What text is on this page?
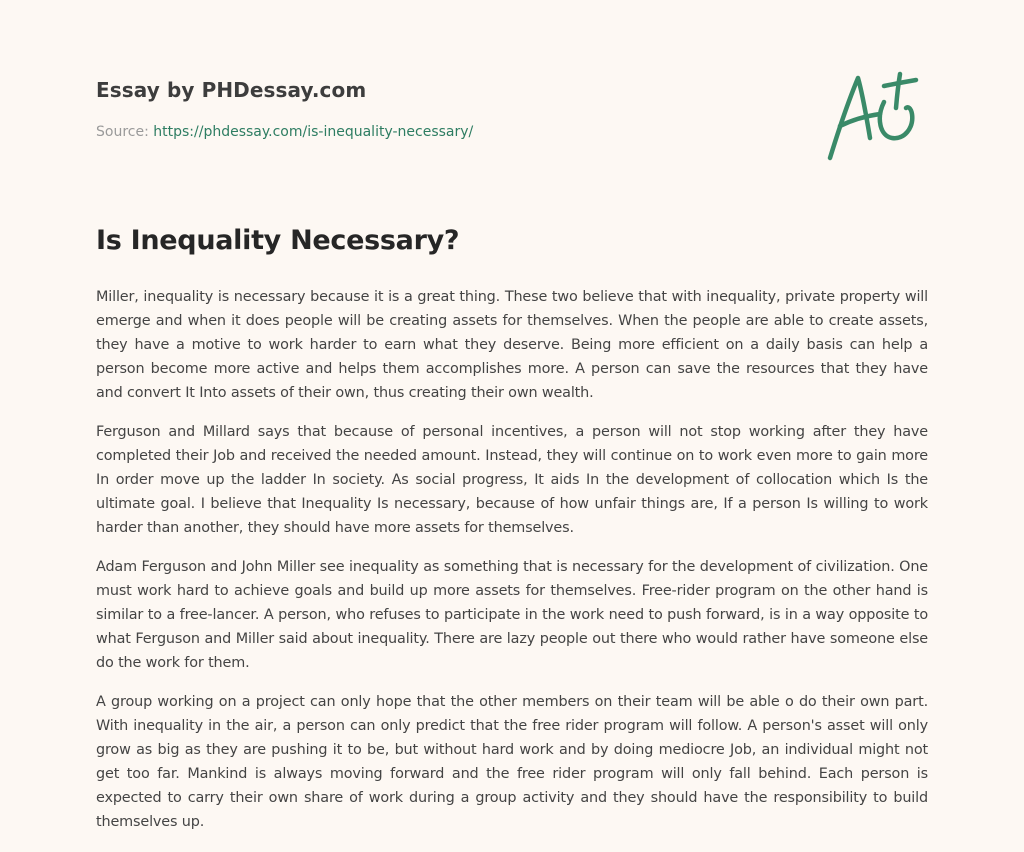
Essay by PHDessay.com
Source: https://phdessay.com/is-inequality-necessary/
Is Inequality Necessary?

Miller, inequality is necessary because it is a great thing. These two believe that with inequality, private property will emerge and when it does people will be creating assets for themselves. When the people are able to create assets, they have a motive to work harder to earn what they deserve. Being more efficient on a daily basis can help a person become more active and helps them accomplishes more. A person can save the resources that they have and convert It Into assets of their own, thus creating their own wealth.

Ferguson and Millard says that because of personal incentives, a person will not stop working after they have completed their Job and received the needed amount. Instead, they will continue on to work even more to gain more In order move up the ladder In society. As social progress, It aids In the development of collocation which Is the ultimate goal. I believe that Inequality Is necessary, because of how unfair things are, If a person Is willing to work harder than another, they should have more assets for themselves.

Adam Ferguson and John Miller see inequality as something that is necessary for the development of civilization. One must work hard to achieve goals and build up more assets for themselves. Free-rider program on the other hand is similar to a free-lancer. A person, who refuses to participate in the work need to push forward, is in a way opposite to what Ferguson and Miller said about inequality. There are lazy people out there who would rather have someone else do the work for them.

A group working on a project can only hope that the other members on their team will be able o do their own part. With inequality in the air, a person can only predict that the free rider program will follow. A person's asset will only grow as big as they are pushing it to be, but without hard work and by doing mediocre Job, an individual might not get too far. Mankind is always moving forward and the free rider program will only fall behind. Each person is expected to carry their own share of work during a group activity and they should have the responsibility to build themselves up.
